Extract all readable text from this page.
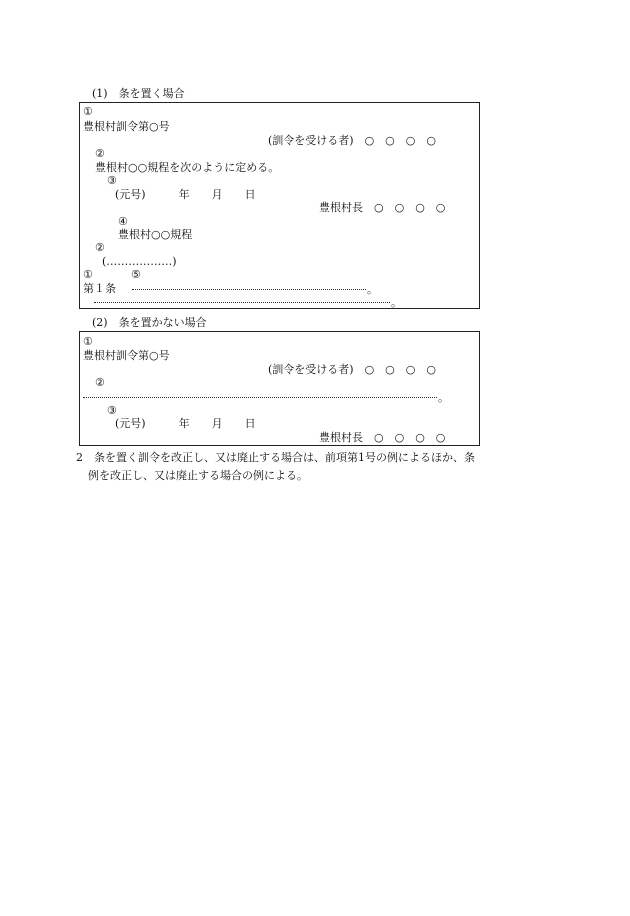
(1)　条を置く場合
①
豊根村訓令第○号
(訓令を受ける者)　○　○　○　○
②
豊根村○○規程を次のように定める。
③
(元号)　　　年　　月　　日
豊根村長　○　○　○　○
④
豊根村○○規程
②
(………………)
①	⑤
第１条	。
。
(2)　条を置かない場合
①
豊根村訓令第○号
(訓令を受ける者)　○　○　○　○
②
。
③
(元号)　　　年　　月　　日
豊根村長　○　○　○　○
2　条を置く訓令を改正し、又は廃止する場合は、前項第1号の例によるほか、条
例を改正し、又は廃止する場合の例による。
